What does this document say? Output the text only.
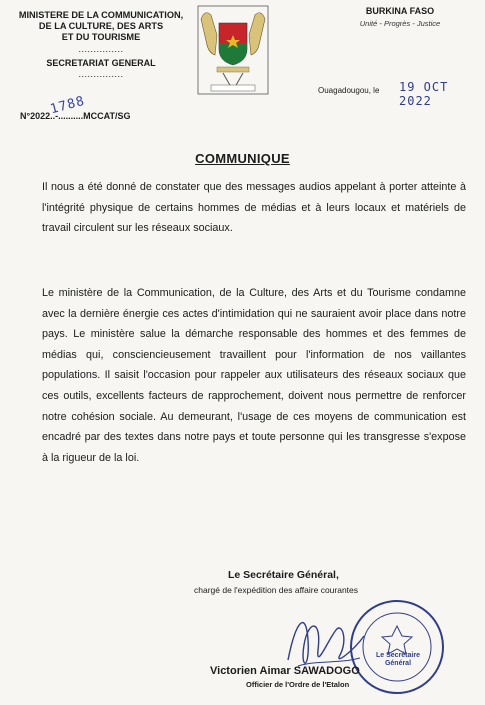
MINISTERE DE LA COMMUNICATION,
DE LA CULTURE, DES ARTS
ET DU TOURISME
...............
SECRETARIAT GENERAL
...............
BURKINA FASO
Unité - Progrès - Justice
Ouagadougou, le 19 OCT 2022
N°2022..-..........MCCAT/SG
1788
COMMUNIQUE
Il nous a été donné de constater que des messages audios appelant à porter atteinte à l'intégrité physique de certains hommes de médias et à leurs locaux et matériels de travail circulent sur les réseaux sociaux.
Le ministère de la Communication, de la Culture, des Arts et du Tourisme condamne avec la dernière énergie ces actes d'intimidation qui ne sauraient avoir place dans notre pays. Le ministère salue la démarche responsable des hommes et des femmes de médias qui, consciencieusement travaillent pour l'information de nos vaillantes populations. Il saisit l'occasion pour rappeler aux utilisateurs des réseaux sociaux que ces outils, excellents facteurs de rapprochement, doivent nous permettre de renforcer notre cohésion sociale. Au demeurant, l'usage de ces moyens de communication est encadré par des textes dans notre pays et toute personne qui les transgresse s'expose à la rigueur de la loi.
Le Secrétaire Général,
chargé de l'expédition des affaire courantes
Le Secrétaire Général
Victorien Aimar SAWADOGO
Officier de l'Ordre de l'Etalon
